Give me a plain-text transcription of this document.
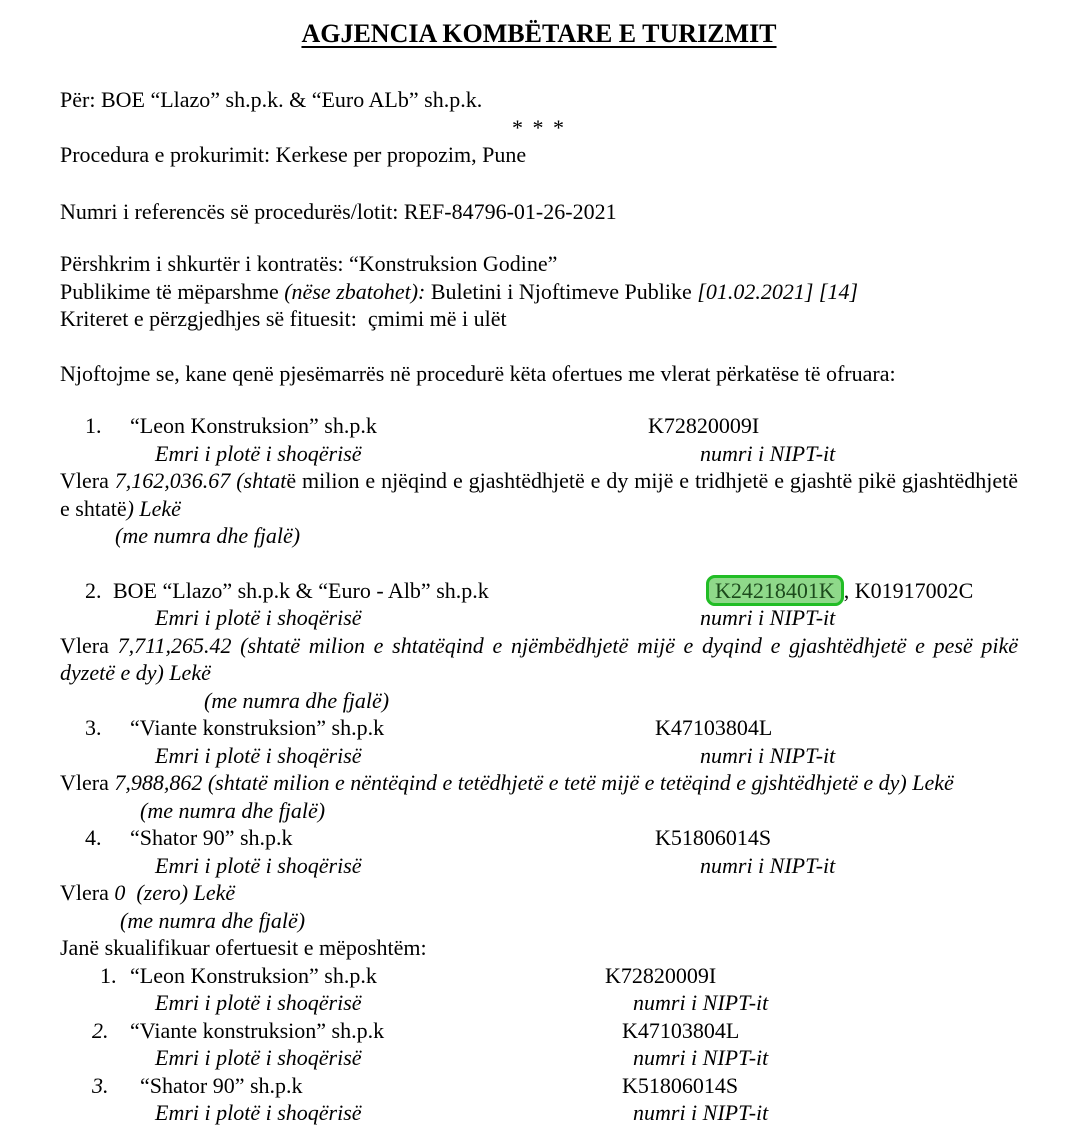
AGJENCIA KOMBËTARE E TURIZMIT

Për: BOE “Llazo” sh.p.k. & “Euro ALb” sh.p.k.

* * *

Procedura e prokurimit: Kerkese per propozim, Pune

Numri i referencës së procedurës/lotit: REF-84796-01-26-2021

Përshkrim i shkurtër i kontratës: “Konstruksion Godine”

Publikime të mëparshme (nëse zbatohet): Buletini i Njoftimeve Publike [01.02.2021] [14]

Kriteret e përzgjedhjes së fituesit:  çmimi më i ulët

Njoftojme se, kane qenë pjesëmarrës në procedurë këta ofertues me vlerat përkatëse të ofruara:

1. “Leon Konstruksion” sh.p.k	K72820009I
Emri i plotë i shoqërisë	numri i NIPT-it

Vlera 7,162,036.67 (shtatë milion e njëqind e gjashtëdhjetë e dy mijë e tridhjetë e gjashtë pikë gjashtëdhjetë e shtatë) Lekë

(me numra dhe fjalë)

2. BOE “Llazo” sh.p.k & “Euro - Alb” sh.p.k	K24218401K , K01917002C
Emri i plotë i shoqërisë	numri i NIPT-it

Vlera 7,711,265.42 (shtatë milion e shtatëqind e njëmbëdhjetë mijë e dyqind e gjashtëdhjetë e pesë pikë dyzetë e dy) Lekë

(me numra dhe fjalë)

3. “Viante konstruksion” sh.p.k	K47103804L
Emri i plotë i shoqërisë	numri i NIPT-it

Vlera 7,988,862 (shtatë milion e nëntëqind e tetëdhjetë e tetë mijë e tetëqind e gjshtëdhjetë e dy) Lekë

(me numra dhe fjalë)

4. “Shator 90” sh.p.k	K51806014S
Emri i plotë i shoqërisë	numri i NIPT-it

Vlera 0  (zero) Lekë

(me numra dhe fjalë)

Janë skualifikuar ofertuesit e mëposhtëm:

1. “Leon Konstruksion” sh.p.k	K72820009I
Emri i plotë i shoqërisë	numri i NIPT-it
2. “Viante konstruksion” sh.p.k	K47103804L
Emri i plotë i shoqërisë	numri i NIPT-it
3. “Shator 90” sh.p.k	K51806014S
Emri i plotë i shoqërisë	numri i NIPT-it
